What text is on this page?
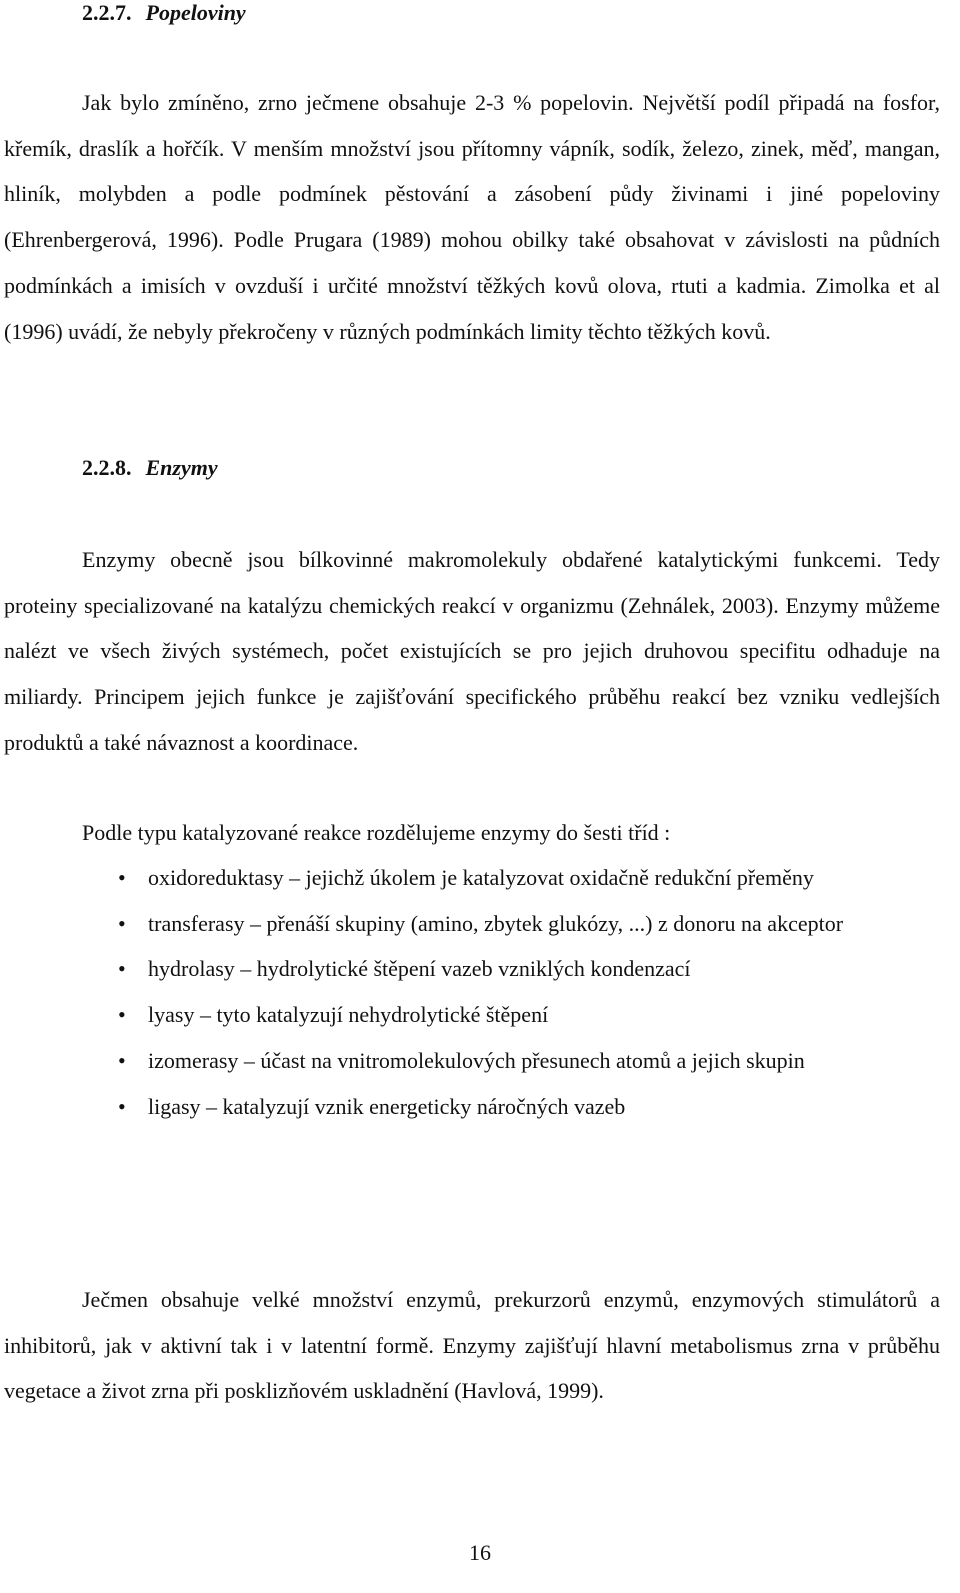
2.2.7. Popeloviny
Jak bylo zmíněno, zrno ječmene obsahuje 2-3 % popelovin. Největší podíl připadá na fosfor, křemík, draslík a hořčík. V menším množství jsou přítomny vápník, sodík, železo, zinek, měď, mangan, hliník, molybden a podle podmínek pěstování a zásobení půdy živinami i jiné popeloviny (Ehrenbergerová, 1996). Podle Prugara (1989) mohou obilky také obsahovat v závislosti na půdních podmínkách a imisích v ovzduší i určité množství těžkých kovů olova, rtuti a kadmia. Zimolka et al (1996) uvádí, že nebyly překročeny v různých podmínkách limity těchto těžkých kovů.
2.2.8. Enzymy
Enzymy obecně jsou bílkovinné makromolekuly obdařené katalytickými funkcemi. Tedy proteiny specializované na katalýzu chemických reakcí v organizmu (Zehnálek, 2003). Enzymy můžeme nalézt ve všech živých systémech, počet existujících se pro jejich druhovou specifitu odhaduje na miliardy. Principem jejich funkce je zajišťování specifického průběhu reakcí bez vzniku vedlejších produktů a také návaznost a koordinace.
Podle typu katalyzované reakce rozdělujeme enzymy do šesti tříd :
• oxidoreduktasy – jejichž úkolem je katalyzovat oxidačně redukční přeměny
• transferasy – přenáší skupiny (amino, zbytek glukózy, ...) z donoru na akceptor
• hydrolasy – hydrolytické štěpení vazeb vzniklých kondenzací
• lyasy – tyto katalyzují nehydrolytické štěpení
• izomerasy – účast na vnitromolekulových přesunech atomů a jejich skupin
• ligasy – katalyzují vznik energeticky náročných vazeb
Ječmen obsahuje velké množství enzymů, prekurzorů enzymů, enzymových stimulátorů a inhibitorů, jak v aktivní tak i v latentní formě. Enzymy zajišťují hlavní metabolismus zrna v průběhu vegetace a život zrna při posklizňovém uskladnění (Havlová, 1999).
16
